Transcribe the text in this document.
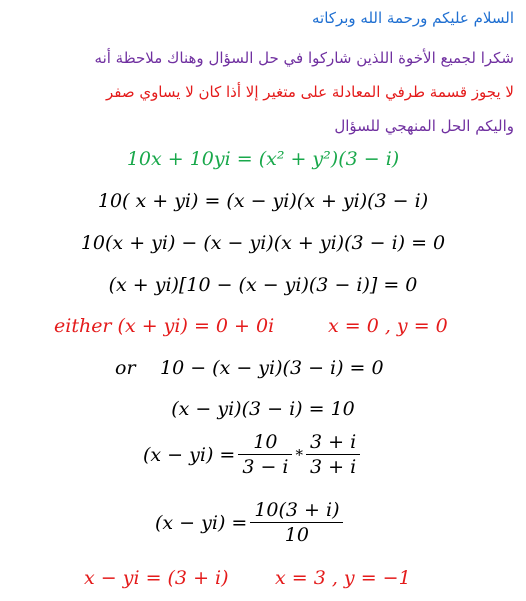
السلام عليكم ورحمة الله وبركاته
شكرا لجميع الأخوة اللذين شاركوا في حل السؤال وهناك ملاحظة أنه
لا يجوز قسمة طرفي المعادلة على متغير إلا أذا كان لا يساوي صفر
واليكم الحل المنهجي للسؤال
10x + 10yi = (x² + y²)(3 − i)
10( x + yi) = (x − yi)(x + yi)(3 − i)
10(x + yi) − (x − yi)(x + yi)(3 − i) = 0
(x + yi)[10 − (x − yi)(3 − i)] = 0
either (x + yi) = 0 + 0i	x = 0 , y = 0
or 10 − (x − yi)(3 − i) = 0
(x − yi)(3 − i) = 10
$(x - yi) = \frac{10}{3 - i} * \frac{3 + i}{3 + i}$
$(x - yi) = \frac{10(3 + i)}{10}$
x − yi = (3 + i) x = 3 , y = −1
